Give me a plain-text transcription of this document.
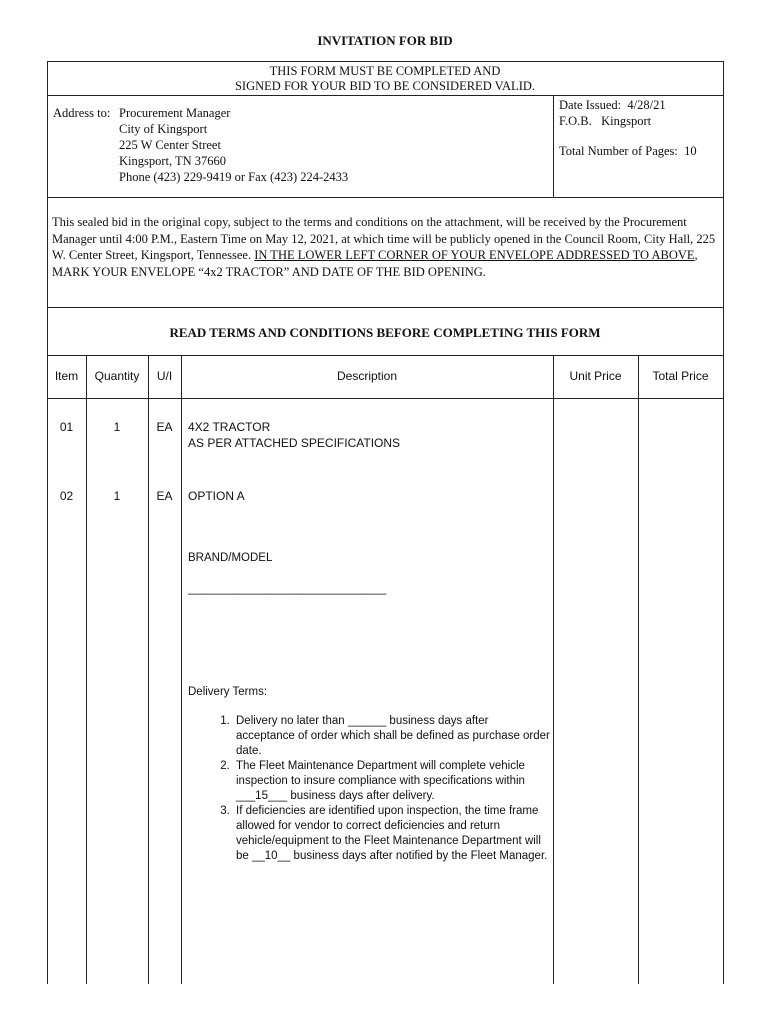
INVITATION FOR BID
THIS FORM MUST BE COMPLETED AND
SIGNED FOR YOUR BID TO BE CONSIDERED VALID.
Address to: Procurement Manager
City of Kingsport
225 W Center Street
Kingsport, TN 37660
Phone (423) 229-9419 or Fax (423) 224-2433
Date Issued: 4/28/21
F.O.B. Kingsport
Total Number of Pages: 10
This sealed bid in the original copy, subject to the terms and conditions on the attachment, will be received by the Procurement Manager until 4:00 P.M., Eastern Time on May 12, 2021, at which time will be publicly opened in the Council Room, City Hall, 225 W. Center Street, Kingsport, Tennessee. IN THE LOWER LEFT CORNER OF YOUR ENVELOPE ADDRESSED TO ABOVE, MARK YOUR ENVELOPE “4x2 TRACTOR” AND DATE OF THE BID OPENING.
READ TERMS AND CONDITIONS BEFORE COMPLETING THIS FORM
Item	Quantity	U/I	Description	Unit Price	Total Price
01	1	EA	4X2 TRACTOR
AS PER ATTACHED SPECIFICATIONS
02	1	EA	OPTION A
BRAND/MODEL
_______________________________
Delivery Terms:
1. Delivery no later than ______ business days after acceptance of order which shall be defined as purchase order date.
2. The Fleet Maintenance Department will complete vehicle inspection to insure compliance with specifications within ___15___ business days after delivery.
3. If deficiencies are identified upon inspection, the time frame allowed for vendor to correct deficiencies and return vehicle/equipment to the Fleet Maintenance Department will be __10__ business days after notified by the Fleet Manager.
